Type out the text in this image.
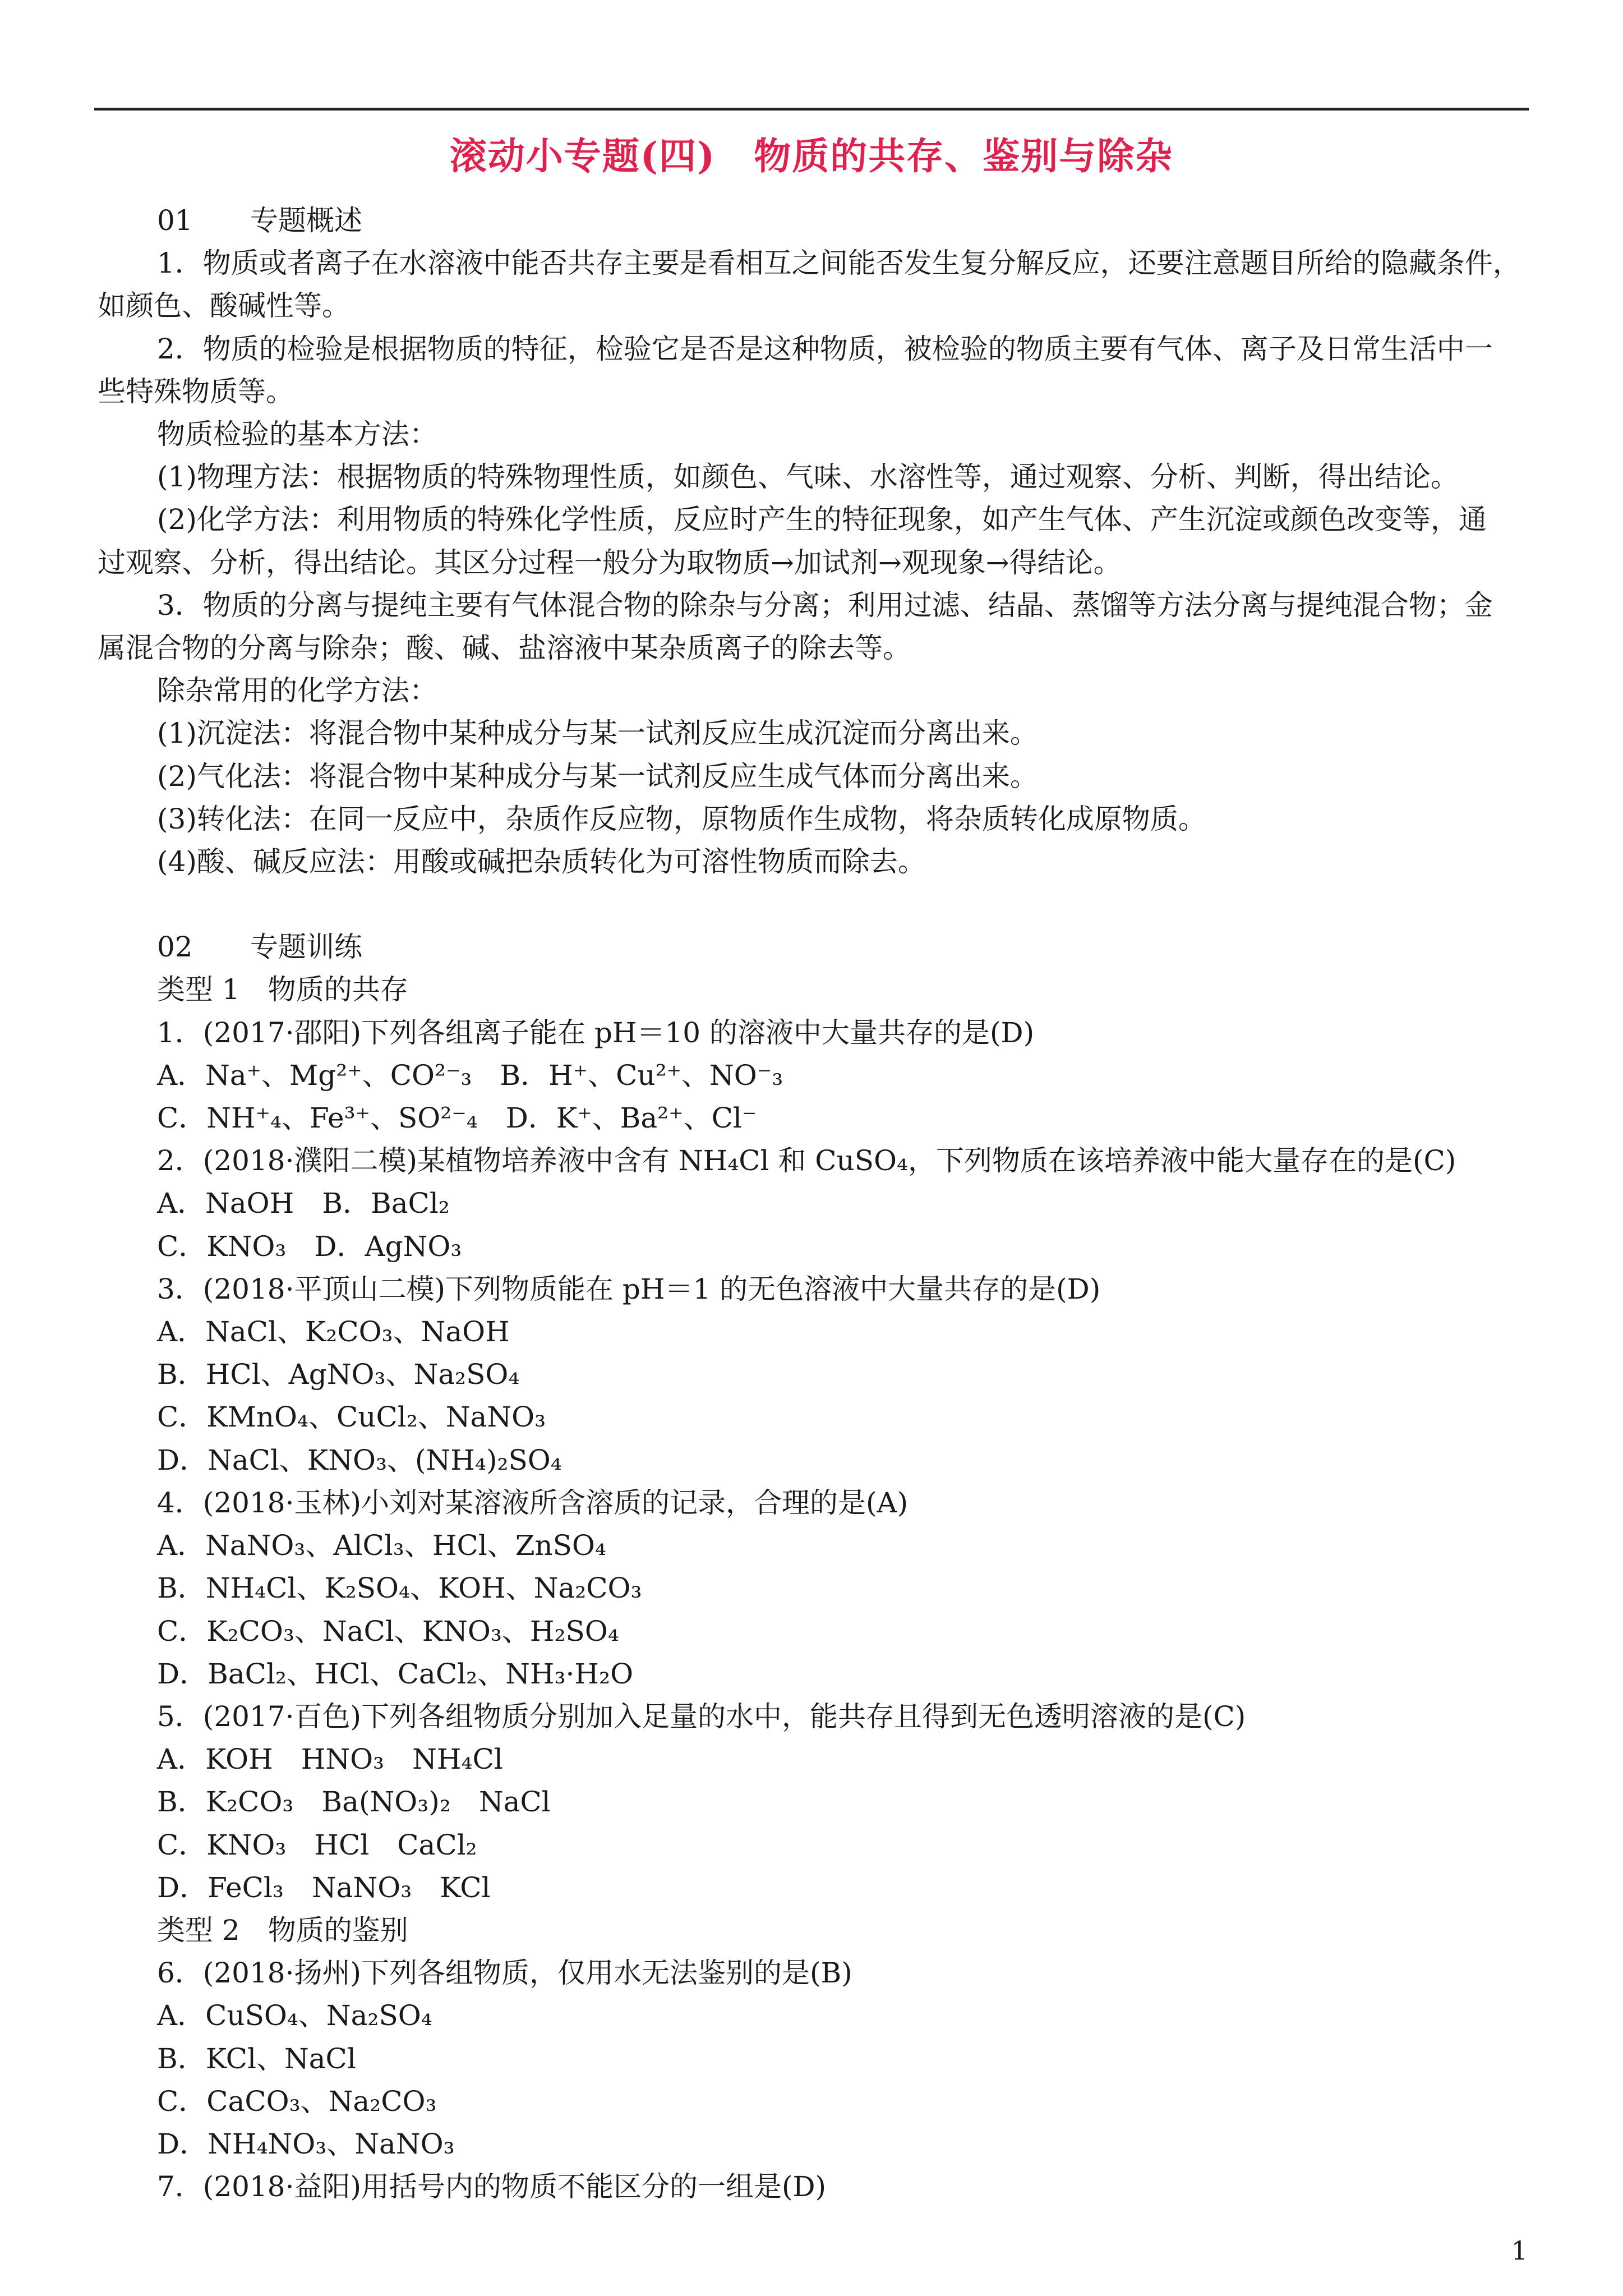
滚动小专题(四)　物质的共存、鉴别与除杂
01 专题概述
1．物质或者离子在水溶液中能否共存主要是看相互之间能否发生复分解反应，还要注意题目所给的隐藏条件，
如颜色、酸碱性等。
2．物质的检验是根据物质的特征，检验它是否是这种物质，被检验的物质主要有气体、离子及日常生活中一
些特殊物质等。
物质检验的基本方法：
(1)物理方法：根据物质的特殊物理性质，如颜色、气味、水溶性等，通过观察、分析、判断，得出结论。
(2)化学方法：利用物质的特殊化学性质，反应时产生的特征现象，如产生气体、产生沉淀或颜色改变等，通
过观察、分析，得出结论。其区分过程一般分为取物质→加试剂→观现象→得结论。
3．物质的分离与提纯主要有气体混合物的除杂与分离；利用过滤、结晶、蒸馏等方法分离与提纯混合物；金
属混合物的分离与除杂；酸、碱、盐溶液中某杂质离子的除去等。
除杂常用的化学方法：
(1)沉淀法：将混合物中某种成分与某一试剂反应生成沉淀而分离出来。
(2)气化法：将混合物中某种成分与某一试剂反应生成气体而分离出来。
(3)转化法：在同一反应中，杂质作反应物，原物质作生成物，将杂质转化成原物质。
(4)酸、碱反应法：用酸或碱把杂质转化为可溶性物质而除去。
02 专题训练
类型 1　物质的共存
1．(2017·邵阳)下列各组离子能在 pH＝10 的溶液中大量共存的是(D)
A．Na⁺、Mg²⁺、CO²⁻₃　B．H⁺、Cu²⁺、NO⁻₃
C．NH⁺₄、Fe³⁺、SO²⁻₄　D．K⁺、Ba²⁺、Cl⁻
2．(2018·濮阳二模)某植物培养液中含有 NH₄Cl 和 CuSO₄，下列物质在该培养液中能大量存在的是(C)
A．NaOH　B．BaCl₂
C．KNO₃　D．AgNO₃
3．(2018·平顶山二模)下列物质能在 pH＝1 的无色溶液中大量共存的是(D)
A．NaCl、K₂CO₃、NaOH
B．HCl、AgNO₃、Na₂SO₄
C．KMnO₄、CuCl₂、NaNO₃
D．NaCl、KNO₃、(NH₄)₂SO₄
4．(2018·玉林)小刘对某溶液所含溶质的记录，合理的是(A)
A．NaNO₃、AlCl₃、HCl、ZnSO₄
B．NH₄Cl、K₂SO₄、KOH、Na₂CO₃
C．K₂CO₃、NaCl、KNO₃、H₂SO₄
D．BaCl₂、HCl、CaCl₂、NH₃·H₂O
5．(2017·百色)下列各组物质分别加入足量的水中，能共存且得到无色透明溶液的是(C)
A．KOH　HNO₃　NH₄Cl
B．K₂CO₃　Ba(NO₃)₂　NaCl
C．KNO₃　HCl　CaCl₂
D．FeCl₃　NaNO₃　KCl
类型 2　物质的鉴别
6．(2018·扬州)下列各组物质，仅用水无法鉴别的是(B)
A．CuSO₄、Na₂SO₄
B．KCl、NaCl
C．CaCO₃、Na₂CO₃
D．NH₄NO₃、NaNO₃
7．(2018·益阳)用括号内的物质不能区分的一组是(D)
1
